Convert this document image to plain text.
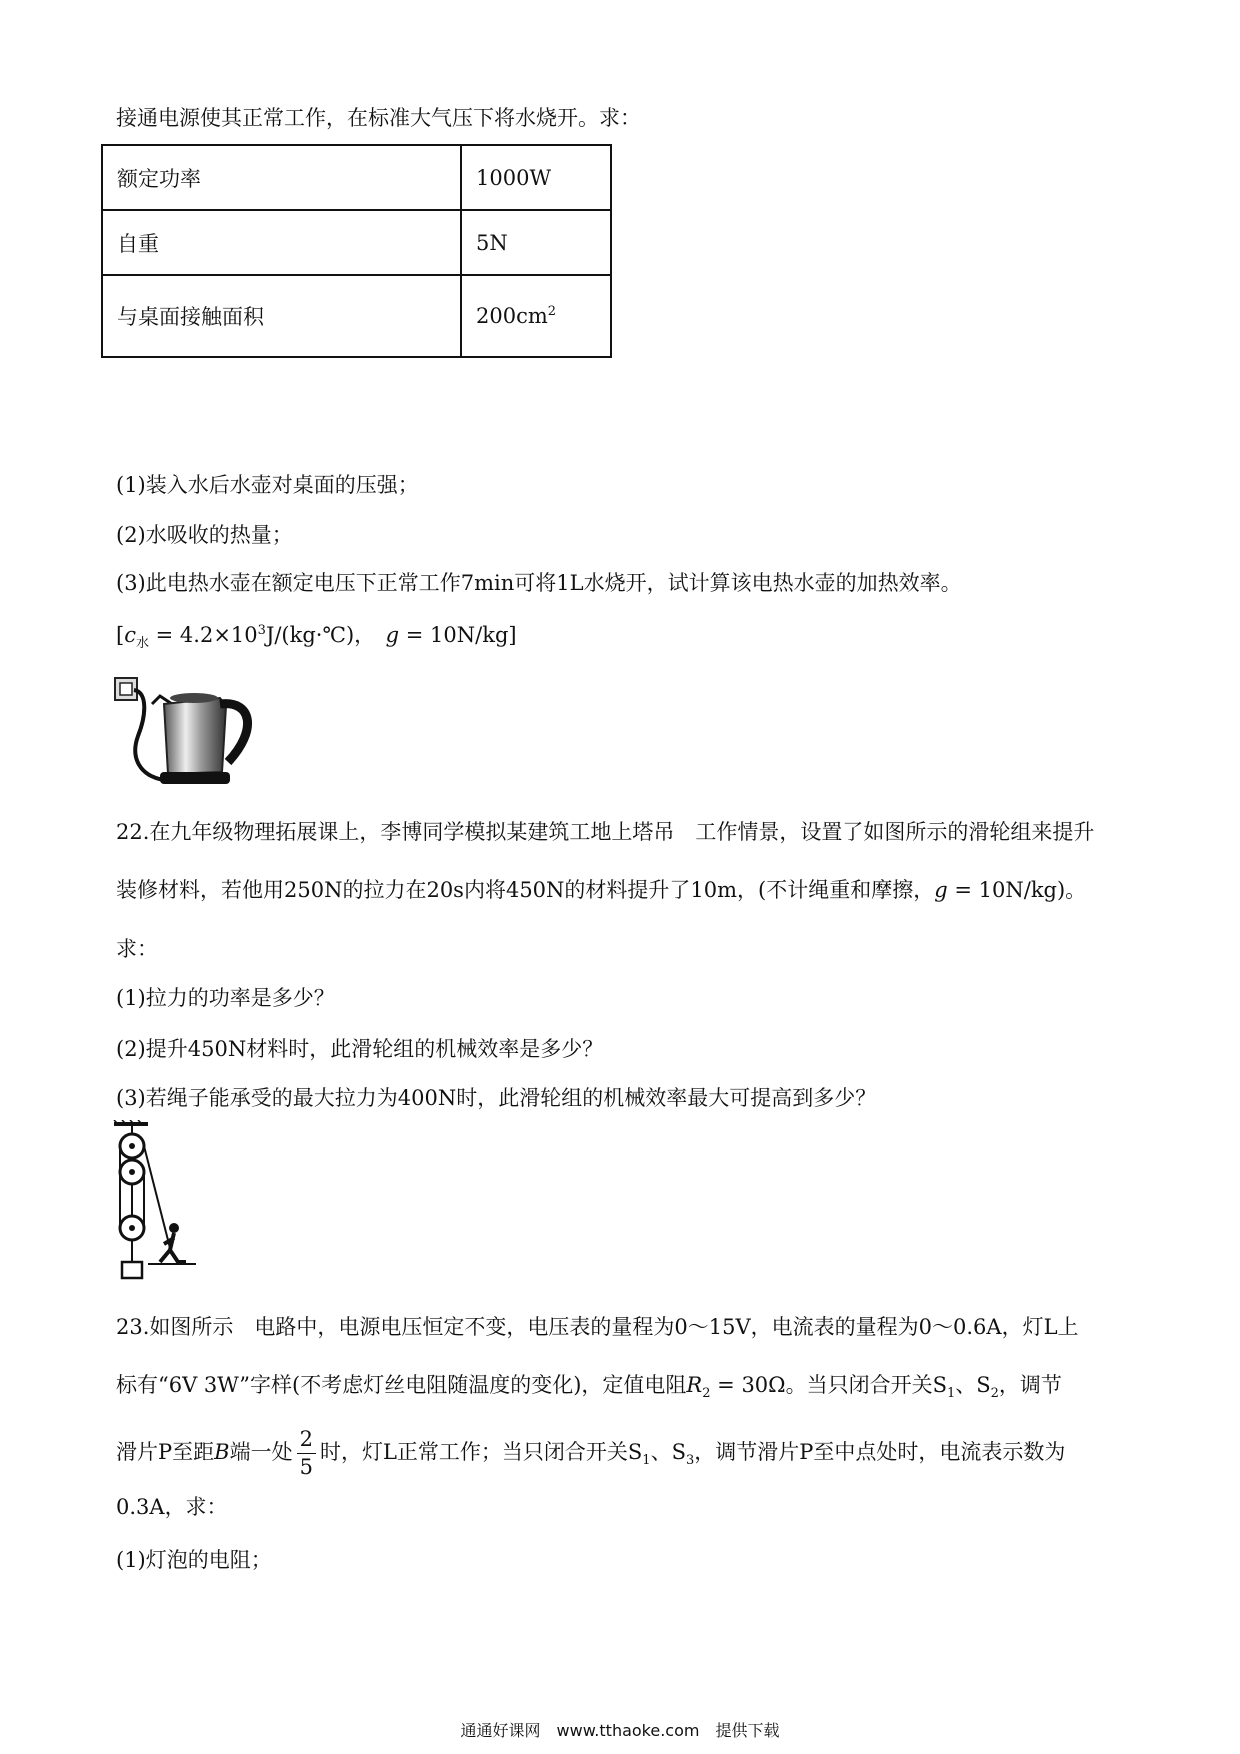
接通电源使其正常工作，在标准大气压下将水烧开。求：
额定功率	1000W
自重	5N
与桌面接触面积	$200cm^2$
(1)装入水后水壶对桌面的压强；
(2)水吸收的热量；
(3)此电热水壶在额定电压下正常工作7min可将1L水烧开，试计算该电热水壶的加热效率。
[$c_水$ = $4.2\times 10^3J/(kg\cdot℃)$，　 g = 10N/kg]
22.在九年级物理拓展课上，李博同学模拟某建筑工地上塔吊　工作情景，设置了如图所示的滑轮组来提升
装修材料，若他用250N的拉力在20s内将450N的材料提升了10m，(不计绳重和摩擦，g = 10N/kg)。
求：
(1)拉力的功率是多少？
(2)提升450N材料时，此滑轮组的机械效率是多少？
(3)若绳子能承受的最大拉力为400N时，此滑轮组的机械效率最大可提高到多少？
23.如图所示　电路中，电源电压恒定不变，电压表的量程为0～15V，电流表的量程为0～0.6A，灯L上
标有“6V 3W”字样(不考虑灯丝电阻随温度的变化)，定值电阻$R_2 = 30\Omega$。当只闭合开关$S_1$、$S_2$，调节
滑片P至距B端一处 $\frac{2}{5}$ 时，灯L正常工作；当只闭合开关$S_1$、$S_3$，调节滑片P至中点处时，电流表示数为
0.3A，求：
(1)灯泡的电阻；
通通好课网　www.tthaoke.com　提供下载
